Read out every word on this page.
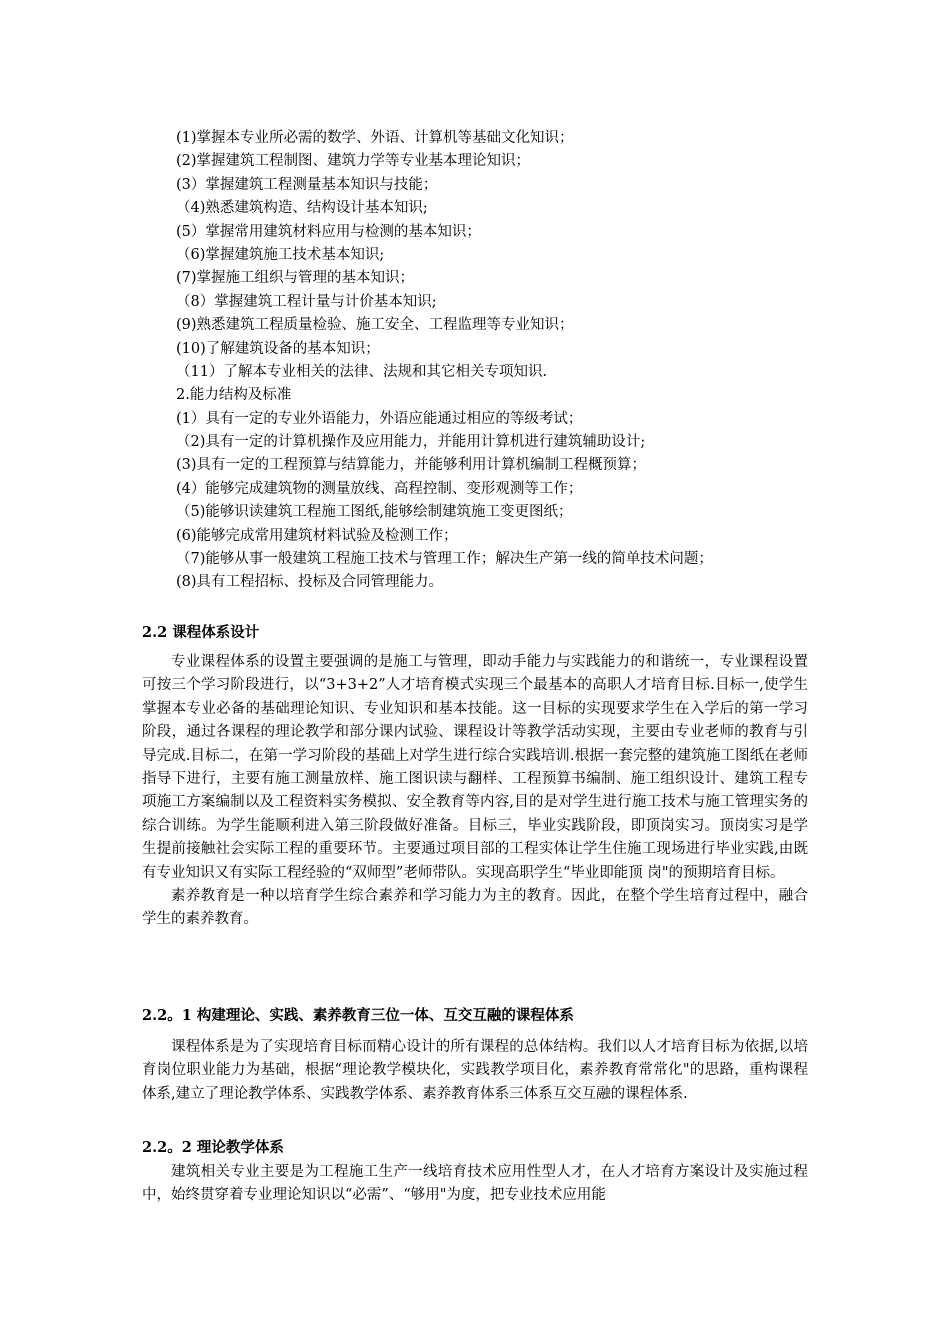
(1)掌握本专业所必需的数学、外语、计算机等基础文化知识；
(2)掌握建筑工程制图、建筑力学等专业基本理论知识；
(3）掌握建筑工程测量基本知识与技能；
（4)熟悉建筑构造、结构设计基本知识;
(5）掌握常用建筑材料应用与检测的基本知识；
（6)掌握建筑施工技术基本知识;
(7)掌握施工组织与管理的基本知识；
（8）掌握建筑工程计量与计价基本知识;
(9)熟悉建筑工程质量检验、施工安全、工程监理等专业知识；
(10)了解建筑设备的基本知识；
（11）了解本专业相关的法律、法规和其它相关专项知识.
2.能力结构及标准
(1）具有一定的专业外语能力，外语应能通过相应的等级考试；
（2)具有一定的计算机操作及应用能力，并能用计算机进行建筑辅助设计;
(3)具有一定的工程预算与结算能力，并能够利用计算机编制工程概预算；
(4）能够完成建筑物的测量放线、高程控制、变形观测等工作；
（5)能够识读建筑工程施工图纸,能够绘制建筑施工变更图纸；
(6)能够完成常用建筑材料试验及检测工作；
（7)能够从事一般建筑工程施工技术与管理工作；解决生产第一线的简单技术问题；
(8)具有工程招标、投标及合同管理能力。
2.2 课程体系设计

专业课程体系的设置主要强调的是施工与管理，即动手能力与实践能力的和谐统一，专业课程设置可按三个学习阶段进行，以“3+3+2”人才培育模式实现三个最基本的高职人才培育目标.目标一,使学生掌握本专业必备的基础理论知识、专业知识和基本技能。这一目标的实现要求学生在入学后的第一学习阶段，通过各课程的理论教学和部分课内试验、课程设计等教学活动实现，主要由专业老师的教育与引导完成.目标二，在第一学习阶段的基础上对学生进行综合实践培训.根据一套完整的建筑施工图纸在老师指导下进行，主要有施工测量放样、施工图识读与翻样、工程预算书编制、施工组织设计、建筑工程专项施工方案编制以及工程资料实务模拟、安全教育等内容,目的是对学生进行施工技术与施工管理实务的综合训练。为学生能顺利进入第三阶段做好准备。目标三，毕业实践阶段，即顶岗实习。顶岗实习是学生提前接触社会实际工程的重要环节。主要通过项目部的工程实体让学生住施工现场进行毕业实践,由既有专业知识又有实际工程经验的“双师型”老师带队。实现高职学生“毕业即能顶 岗"的预期培育目标。

素养教育是一种以培育学生综合素养和学习能力为主的教育。因此，在整个学生培育过程中，融合学生的素养教育。

2.2。1 构建理论、实践、素养教育三位一体、互交互融的课程体系

课程体系是为了实现培育目标而精心设计的所有课程的总体结构。我们以人才培育目标为依据,以培育岗位职业能力为基础，根据“理论教学模块化，实践教学项目化，素养教育常常化"的思路，重构课程体系,建立了理论教学体系、实践教学体系、素养教育体系三体系互交互融的课程体系.

2.2。2 理论教学体系

建筑相关专业主要是为工程施工生产一线培育技术应用性型人才，在人才培育方案设计及实施过程中，始终贯穿着专业理论知识以“必需”、“够用"为度，把专业技术应用能
